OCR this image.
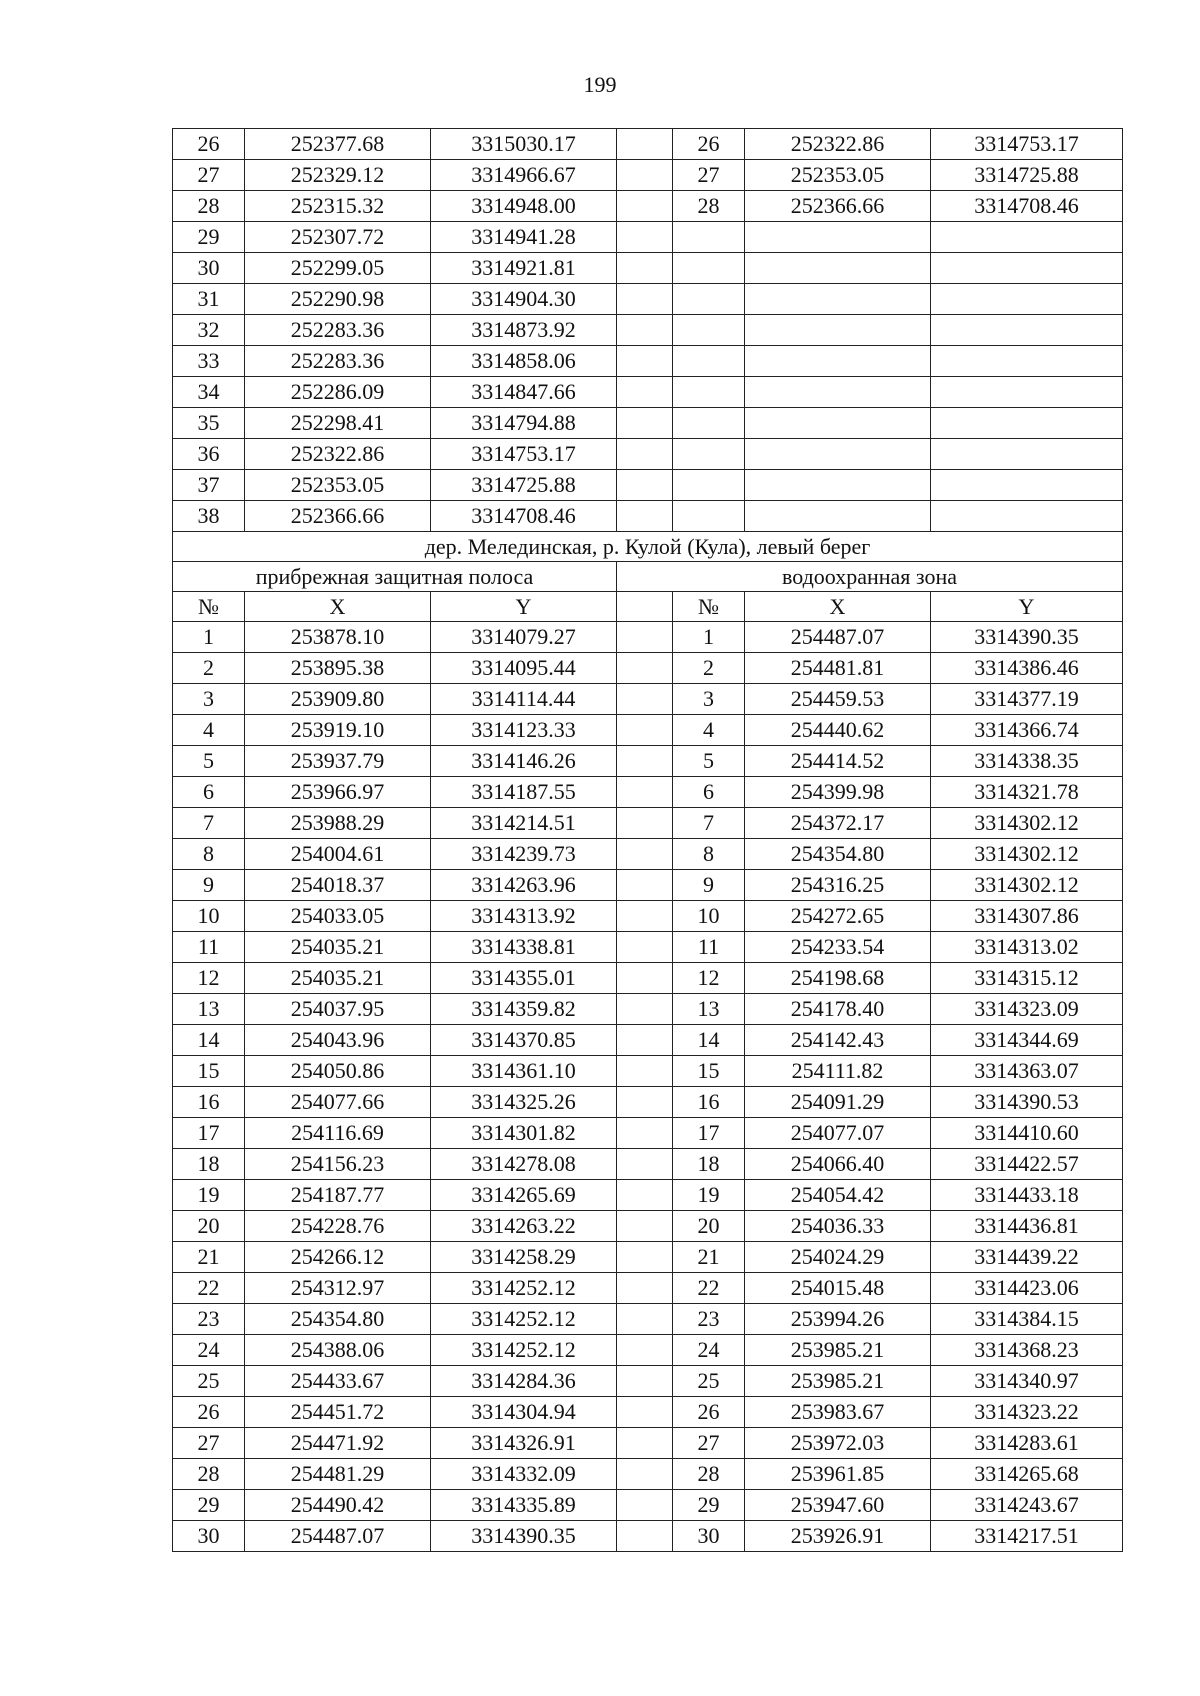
199
26	252377.68	3315030.17		26	252322.86	3314753.17
27	252329.12	3314966.67		27	252353.05	3314725.88
28	252315.32	3314948.00		28	252366.66	3314708.46
29	252307.72	3314941.28				
30	252299.05	3314921.81				
31	252290.98	3314904.30				
32	252283.36	3314873.92				
33	252283.36	3314858.06				
34	252286.09	3314847.66				
35	252298.41	3314794.88				
36	252322.86	3314753.17				
37	252353.05	3314725.88				
38	252366.66	3314708.46				
дер. Мелединская, р. Кулой (Кула), левый берег						
прибрежная защитная полоса			водоохранная зона			
№	X	Y		№	X	Y
1	253878.10	3314079.27		1	254487.07	3314390.35
2	253895.38	3314095.44		2	254481.81	3314386.46
3	253909.80	3314114.44		3	254459.53	3314377.19
4	253919.10	3314123.33		4	254440.62	3314366.74
5	253937.79	3314146.26		5	254414.52	3314338.35
6	253966.97	3314187.55		6	254399.98	3314321.78
7	253988.29	3314214.51		7	254372.17	3314302.12
8	254004.61	3314239.73		8	254354.80	3314302.12
9	254018.37	3314263.96		9	254316.25	3314302.12
10	254033.05	3314313.92		10	254272.65	3314307.86
11	254035.21	3314338.81		11	254233.54	3314313.02
12	254035.21	3314355.01		12	254198.68	3314315.12
13	254037.95	3314359.82		13	254178.40	3314323.09
14	254043.96	3314370.85		14	254142.43	3314344.69
15	254050.86	3314361.10		15	254111.82	3314363.07
16	254077.66	3314325.26		16	254091.29	3314390.53
17	254116.69	3314301.82		17	254077.07	3314410.60
18	254156.23	3314278.08		18	254066.40	3314422.57
19	254187.77	3314265.69		19	254054.42	3314433.18
20	254228.76	3314263.22		20	254036.33	3314436.81
21	254266.12	3314258.29		21	254024.29	3314439.22
22	254312.97	3314252.12		22	254015.48	3314423.06
23	254354.80	3314252.12		23	253994.26	3314384.15
24	254388.06	3314252.12		24	253985.21	3314368.23
25	254433.67	3314284.36		25	253985.21	3314340.97
26	254451.72	3314304.94		26	253983.67	3314323.22
27	254471.92	3314326.91		27	253972.03	3314283.61
28	254481.29	3314332.09		28	253961.85	3314265.68
29	254490.42	3314335.89		29	253947.60	3314243.67
30	254487.07	3314390.35		30	253926.91	3314217.51
